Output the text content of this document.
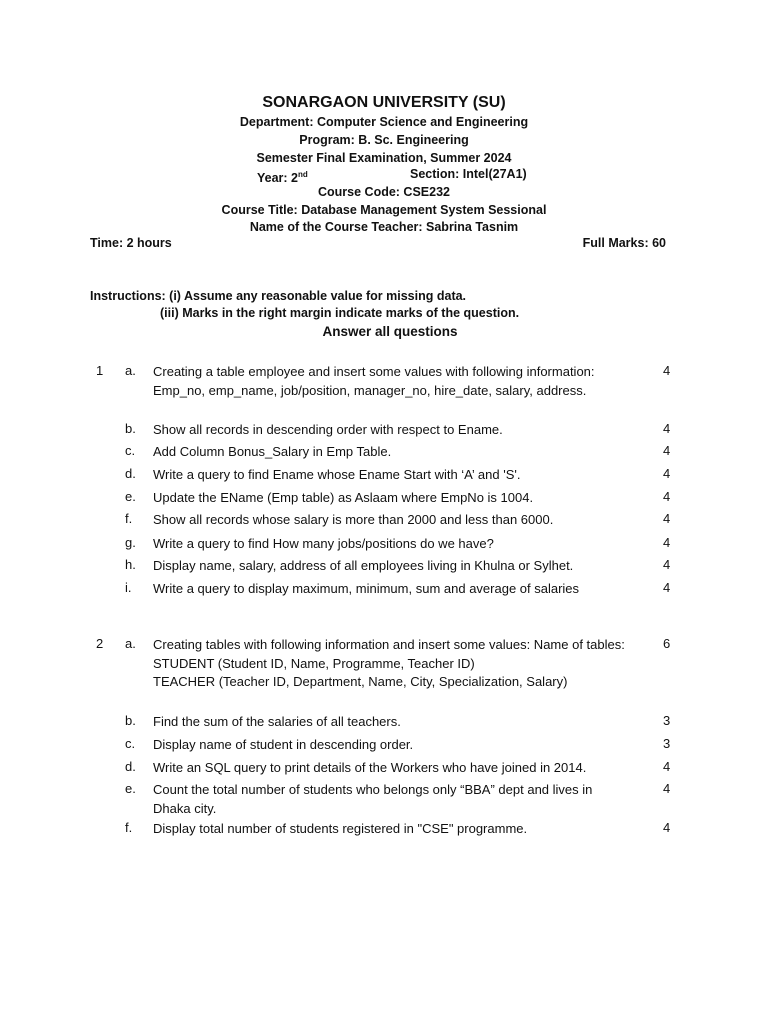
SONARGAON UNIVERSITY (SU)
Department: Computer Science and Engineering
Program: B. Sc. Engineering
Semester Final Examination, Summer 2024
Year: 2nd	Section: Intel(27A1)
Course Code: CSE232
Course Title: Database Management System Sessional
Name of the Course Teacher: Sabrina Tasnim
Time: 2 hours	Full Marks: 60
Instructions: (i) Assume any reasonable value for missing data.
(iii) Marks in the right margin indicate marks of the question.
Answer all questions
1 a. Creating a table employee and insert some values with following information: Emp_no, emp_name, job/position, manager_no, hire_date, salary, address.
4
b. Show all records in descending order with respect to Ename.	4
c. Add Column Bonus_Salary in Emp Table.	4
d. Write a query to find Ename whose Ename Start with ‘A’ and 'S'.	4
e. Update the EName (Emp table) as Aslaam where EmpNo is 1004.	4
f. Show all records whose salary is more than 2000 and less than 6000.	4
g. Write a query to find How many jobs/positions do we have?	4
h. Display name, salary, address of all employees living in Khulna or Sylhet.	4
i. Write a query to display maximum, minimum, sum and average of salaries	4
2 a. Creating tables with following information and insert some values: Name of tables:
STUDENT (Student ID, Name, Programme, Teacher ID)
TEACHER (Teacher ID, Department, Name, City, Specialization, Salary)
6
b. Find the sum of the salaries of all teachers.	3
c. Display name of student in descending order.	3
d. Write an SQL query to print details of the Workers who have joined in 2014.	4
e. Count the total number of students who belongs only “BBA” dept and lives in Dhaka city.
4
f. Display total number of students registered in "CSE" programme.	4
